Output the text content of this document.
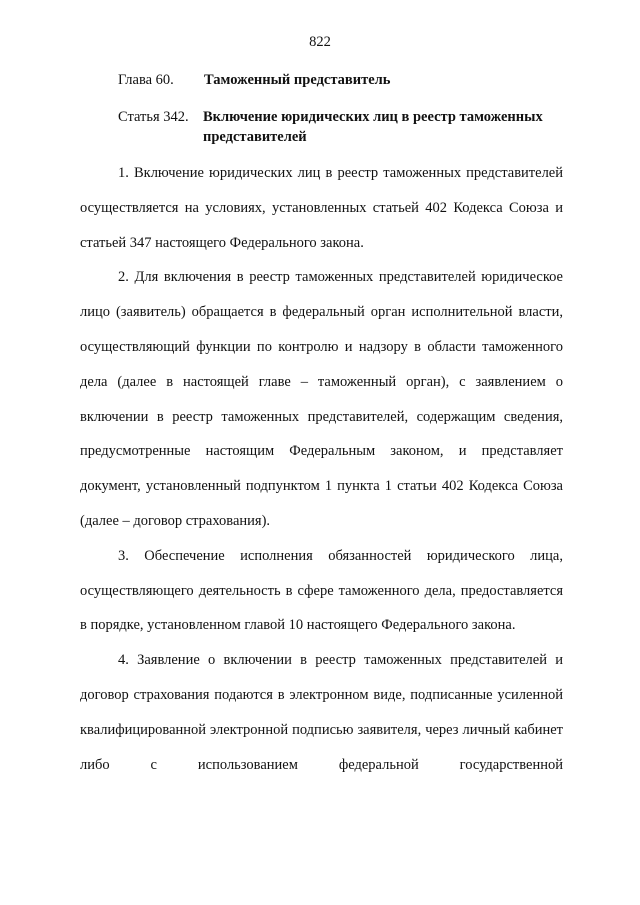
822
Глава 60. Таможенный представитель
Статья 342. Включение юридических лиц в реестр таможенных представителей

1. Включение юридических лиц в реестр таможенных представителей осуществляется на условиях, установленных статьей 402 Кодекса Союза и статьей 347 настоящего Федерального закона.

2. Для включения в реестр таможенных представителей юридическое лицо (заявитель) обращается в федеральный орган исполнительной власти, осуществляющий функции по контролю и надзору в области таможенного дела (далее в настоящей главе – таможенный орган), с заявлением о включении в реестр таможенных представителей, содержащим сведения, предусмотренные настоящим Федеральным законом, и представляет документ, установленный подпунктом 1 пункта 1 статьи 402 Кодекса Союза (далее – договор страхования).

3. Обеспечение исполнения обязанностей юридического лица, осуществляющего деятельность в сфере таможенного дела, предоставляется в порядке, установленном главой 10 настоящего Федерального закона.

4. Заявление о включении в реестр таможенных представителей и договор страхования подаются в электронном виде, подписанные усиленной квалифицированной электронной подписью заявителя, через личный кабинет либо с использованием федеральной государственной
